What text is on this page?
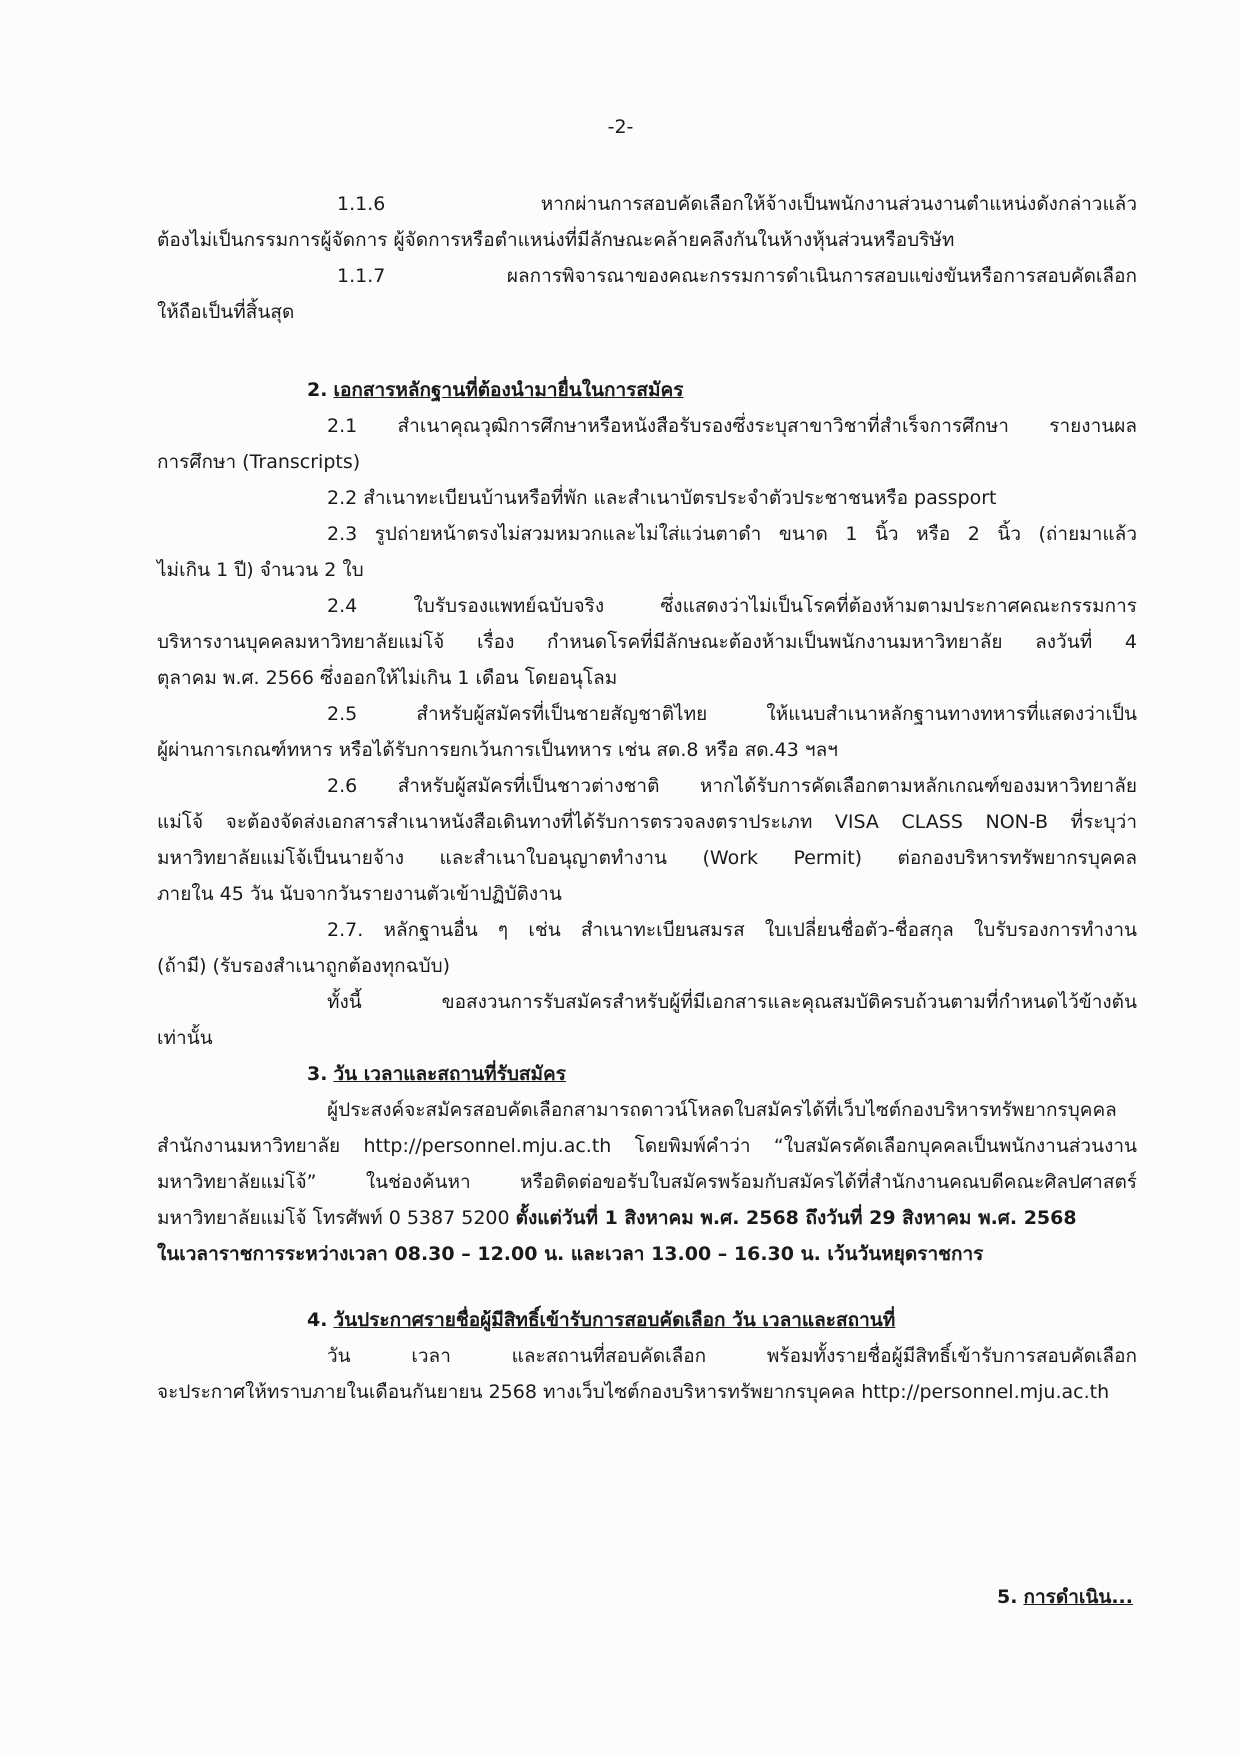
-2-
1.1.6 หากผ่านการสอบคัดเลือกให้จ้างเป็นพนักงานส่วนงานตำแหน่งดังกล่าวแล้ว
ต้องไม่เป็นกรรมการผู้จัดการ ผู้จัดการหรือตำแหน่งที่มีลักษณะคล้ายคลึงกันในห้างหุ้นส่วนหรือบริษัท
1.1.7 ผลการพิจารณาของคณะกรรมการดำเนินการสอบแข่งขันหรือการสอบคัดเลือก
ให้ถือเป็นที่สิ้นสุด
2. เอกสารหลักฐานที่ต้องนำมายื่นในการสมัคร
2.1 สำเนาคุณวุฒิการศึกษาหรือหนังสือรับรองซึ่งระบุสาขาวิชาที่สำเร็จการศึกษา รายงานผล
การศึกษา (Transcripts)
2.2 สำเนาทะเบียนบ้านหรือที่พัก และสำเนาบัตรประจำตัวประชาชนหรือ passport
2.3 รูปถ่ายหน้าตรงไม่สวมหมวกและไม่ใส่แว่นตาดำ ขนาด 1 นิ้ว หรือ 2 นิ้ว (ถ่ายมาแล้ว
ไม่เกิน 1 ปี) จำนวน 2 ใบ
2.4 ใบรับรองแพทย์ฉบับจริง ซึ่งแสดงว่าไม่เป็นโรคที่ต้องห้ามตามประกาศคณะกรรมการ
บริหารงานบุคคลมหาวิทยาลัยแม่โจ้ เรื่อง กำหนดโรคที่มีลักษณะต้องห้ามเป็นพนักงานมหาวิทยาลัย ลงวันที่ 4
ตุลาคม พ.ศ. 2566 ซึ่งออกให้ไม่เกิน 1 เดือน โดยอนุโลม
2.5 สำหรับผู้สมัครที่เป็นชายสัญชาติไทย ให้แนบสำเนาหลักฐานทางทหารที่แสดงว่าเป็น
ผู้ผ่านการเกณฑ์ทหาร หรือได้รับการยกเว้นการเป็นทหาร เช่น สด.8 หรือ สด.43 ฯลฯ
2.6 สำหรับผู้สมัครที่เป็นชาวต่างชาติ หากได้รับการคัดเลือกตามหลักเกณฑ์ของมหาวิทยาลัย
แม่โจ้ จะต้องจัดส่งเอกสารสำเนาหนังสือเดินทางที่ได้รับการตรวจลงตราประเภท VISA CLASS NON-B ที่ระบุว่า
มหาวิทยาลัยแม่โจ้เป็นนายจ้าง และสำเนาใบอนุญาตทำงาน (Work Permit) ต่อกองบริหารทรัพยากรบุคคล
ภายใน 45 วัน นับจากวันรายงานตัวเข้าปฏิบัติงาน
2.7. หลักฐานอื่น ๆ เช่น สำเนาทะเบียนสมรส ใบเปลี่ยนชื่อตัว-ชื่อสกุล ใบรับรองการทำงาน
(ถ้ามี) (รับรองสำเนาถูกต้องทุกฉบับ)
ทั้งนี้ ขอสงวนการรับสมัครสำหรับผู้ที่มีเอกสารและคุณสมบัติครบถ้วนตามที่กำหนดไว้ข้างต้น
เท่านั้น
3. วัน เวลาและสถานที่รับสมัคร
ผู้ประสงค์จะสมัครสอบคัดเลือกสามารถดาวน์โหลดใบสมัครได้ที่เว็บไซต์กองบริหารทรัพยากรบุคคล
สำนักงานมหาวิทยาลัย http://personnel.mju.ac.th โดยพิมพ์คำว่า “ใบสมัครคัดเลือกบุคคลเป็นพนักงานส่วนงาน
มหาวิทยาลัยแม่โจ้” ในช่องค้นหา หรือติดต่อขอรับใบสมัครพร้อมกับสมัครได้ที่สำนักงานคณบดีคณะศิลปศาสตร์
มหาวิทยาลัยแม่โจ้ โทรศัพท์ 0 5387 5200 ตั้งแต่วันที่ 1 สิงหาคม พ.ศ. 2568 ถึงวันที่ 29 สิงหาคม พ.ศ. 2568
ในเวลาราชการระหว่างเวลา 08.30 – 12.00 น. และเวลา 13.00 – 16.30 น. เว้นวันหยุดราชการ
4. วันประกาศรายชื่อผู้มีสิทธิ์เข้ารับการสอบคัดเลือก วัน เวลาและสถานที่
วัน เวลา และสถานที่สอบคัดเลือก พร้อมทั้งรายชื่อผู้มีสิทธิ์เข้ารับการสอบคัดเลือก
จะประกาศให้ทราบภายในเดือนกันยายน 2568 ทางเว็บไซต์กองบริหารทรัพยากรบุคคล http://personnel.mju.ac.th
5. การดำเนิน...
